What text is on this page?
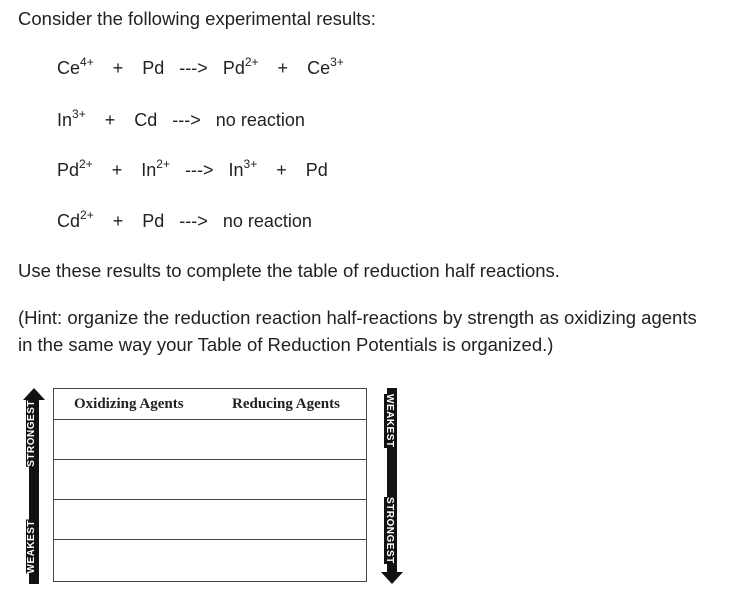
Consider the following experimental results:
$Ce^{4+} + Pd$ ---> $Pd^{2+} + Ce^{3+}$
$In^{3+} + Cd$ ---> no reaction
$Pd^{2+} + In^{2+}$ ---> $In^{3+} + Pd$
$Cd^{2+} + Pd$ ---> no reaction
Use these results to complete the table of reduction half reactions.
(Hint: organize the reduction reaction half-reactions by strength as oxidizing agents
in the same way your Table of Reduction Potentials is organized.)
STRONGEST
WEAKEST
Oxidizing Agents	Reducing Agents	WEAKEST
STRONGEST
